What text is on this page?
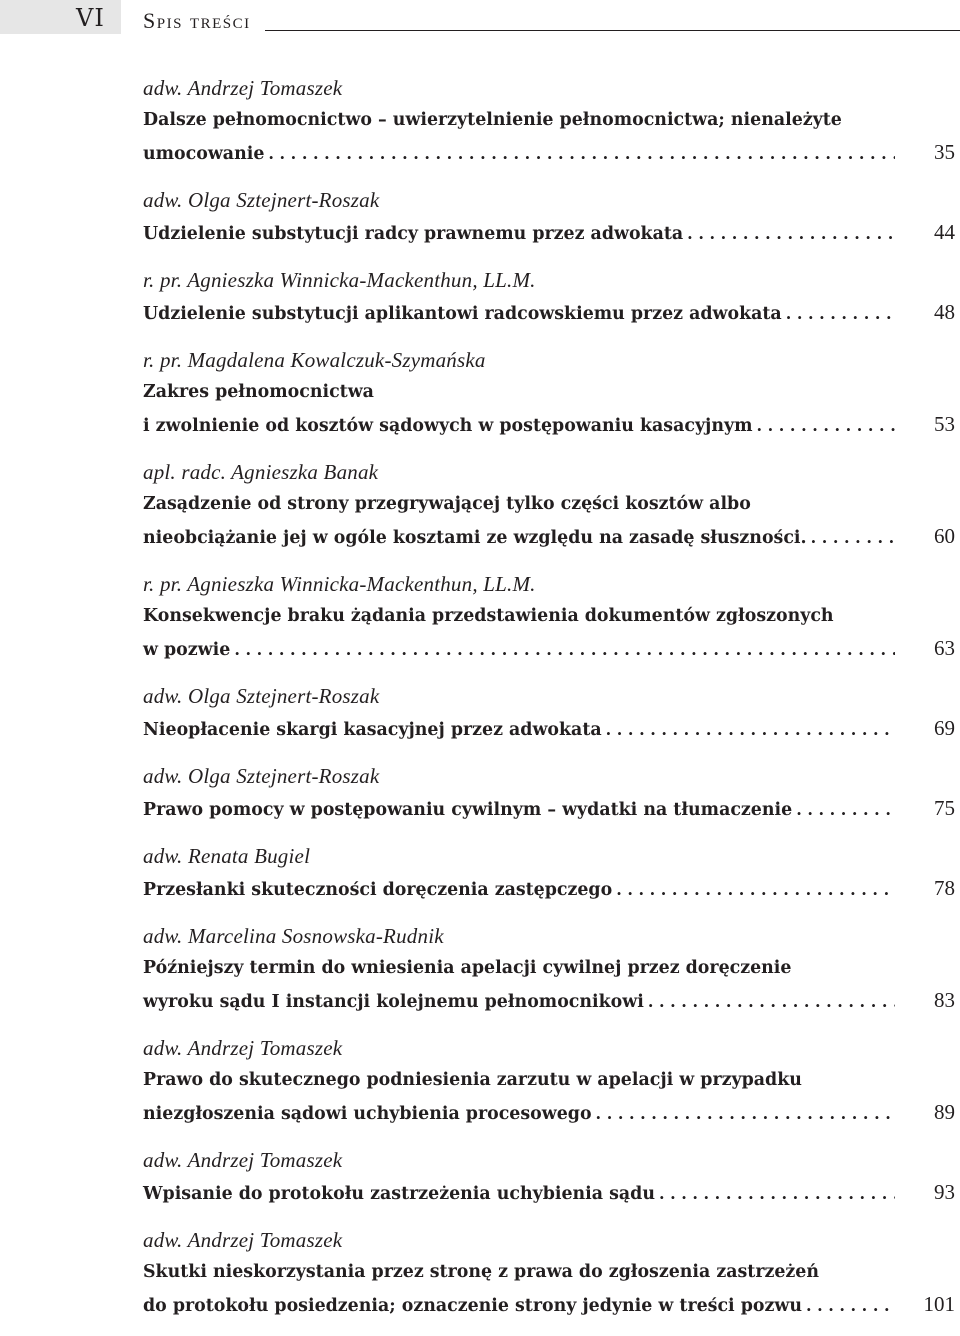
VI Spis treści
adw. Andrzej Tomaszek
Dalsze pełnomocnictwo – uwierzytelnienie pełnomocnictwa; nienależyte
umocowanie . . .	35
adw. Olga Sztejnert-Roszak
Udzielenie substytucji radcy prawnemu przez adwokata . . .	44
r. pr. Agnieszka Winnicka-Mackenthun, LL.M.
Udzielenie substytucji aplikantowi radcowskiemu przez adwokata . . .	48
r. pr. Magdalena Kowalczuk-Szymańska
Zakres pełnomocnictwa
i zwolnienie od kosztów sądowych w postępowaniu kasacyjnym . . .	53
apl. radc. Agnieszka Banak
Zasądzenie od strony przegrywającej tylko części kosztów albo
nieobciążanie jej w ogóle kosztami ze względu na zasadę słuszności. . . .	60
r. pr. Agnieszka Winnicka-Mackenthun, LL.M.
Konsekwencje braku żądania przedstawienia dokumentów zgłoszonych
w pozwie . . .	63
adw. Olga Sztejnert-Roszak
Nieopłacenie skargi kasacyjnej przez adwokata . . .	69
adw. Olga Sztejnert-Roszak
Prawo pomocy w postępowaniu cywilnym – wydatki na tłumaczenie . . .	75
adw. Renata Bugiel
Przesłanki skuteczności doręczenia zastępczego . . .	78
adw. Marcelina Sosnowska-Rudnik
Późniejszy termin do wniesienia apelacji cywilnej przez doręczenie
wyroku sądu I instancji kolejnemu pełnomocnikowi . . .	83
adw. Andrzej Tomaszek
Prawo do skutecznego podniesienia zarzutu w apelacji w przypadku
niezgłoszenia sądowi uchybienia procesowego . . .	89
adw. Andrzej Tomaszek
Wpisanie do protokołu zastrzeżenia uchybienia sądu . . .	93
adw. Andrzej Tomaszek
Skutki nieskorzystania przez stronę z prawa do zgłoszenia zastrzeżeń
do protokołu posiedzenia; oznaczenie strony jedynie w treści pozwu . . .	101
